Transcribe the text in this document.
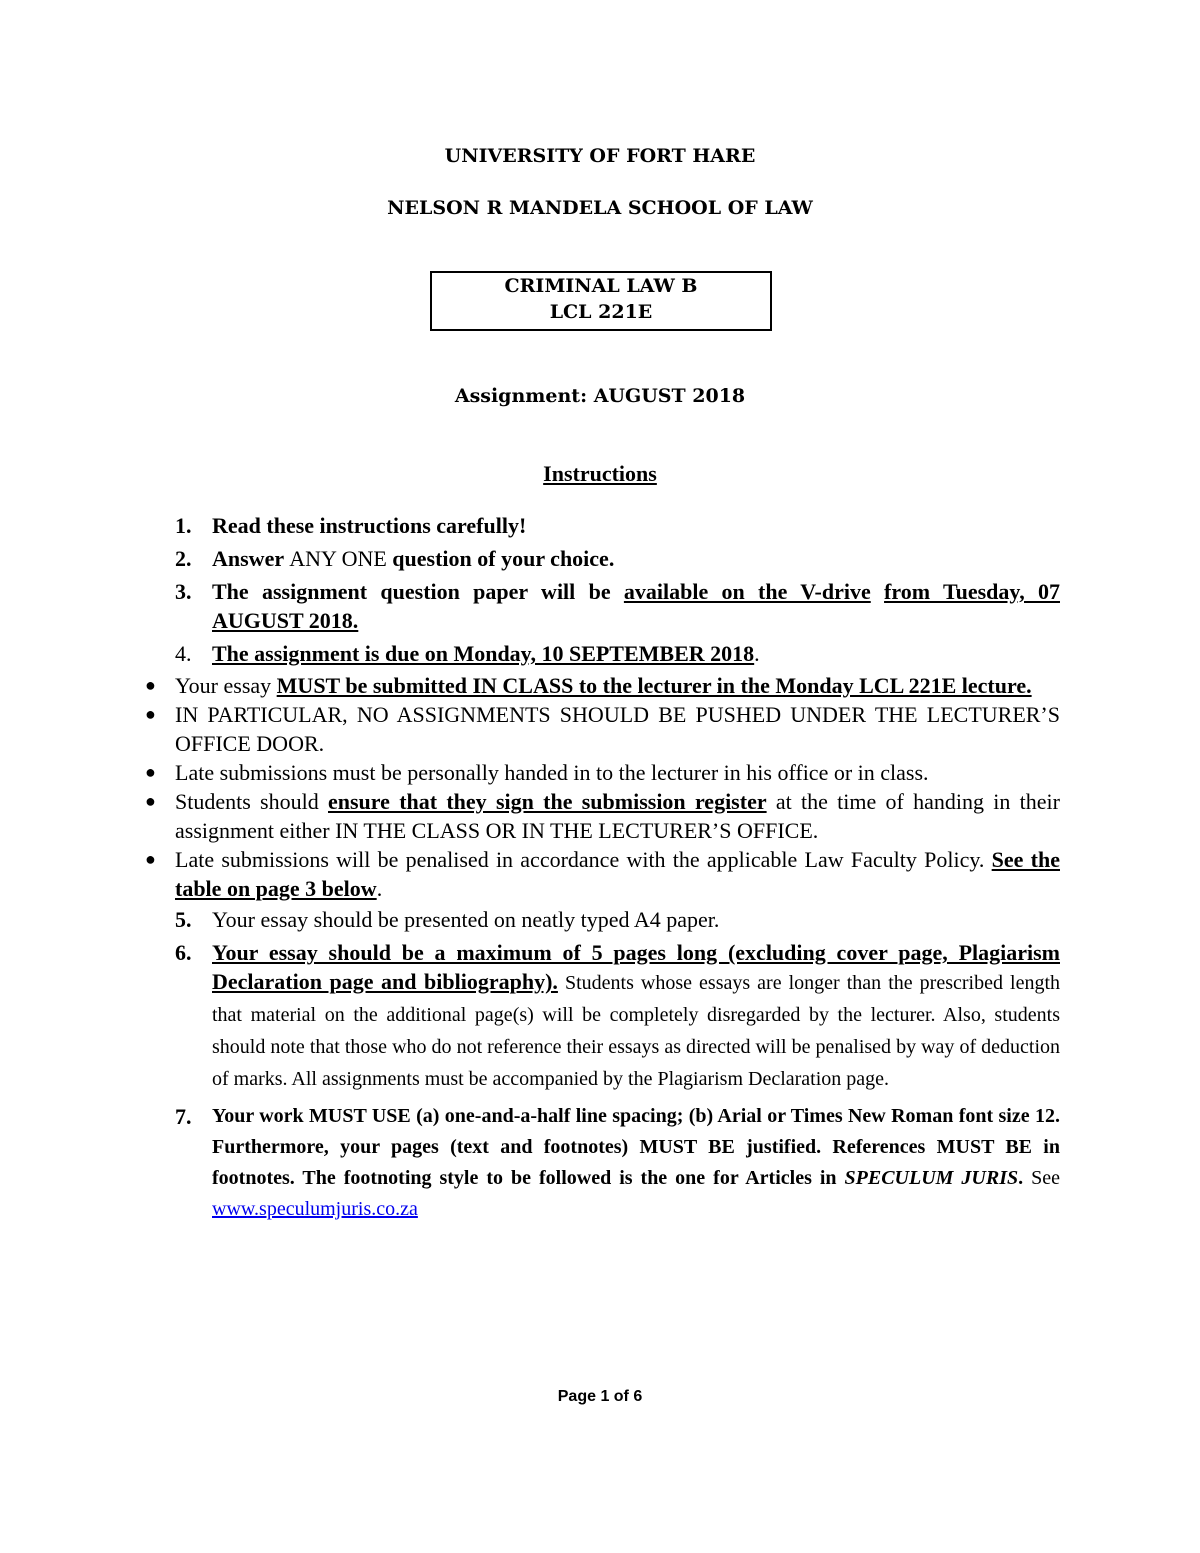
UNIVERSITY OF FORT HARE
NELSON R MANDELA SCHOOL OF LAW
CRIMINAL LAW B
LCL 221E
Assignment: AUGUST 2018
Instructions

1. Read these instructions carefully!

2. Answer ANY ONE question of your choice.

3. The assignment question paper will be available on the V-drive from Tuesday, 07 AUGUST 2018.

4. The assignment is due on Monday, 10 SEPTEMBER 2018.

● Your essay MUST be submitted IN CLASS to the lecturer in the Monday LCL 221E lecture.

● IN PARTICULAR, NO ASSIGNMENTS SHOULD BE PUSHED UNDER THE LECTURER’S OFFICE DOOR.

● Late submissions must be personally handed in to the lecturer in his office or in class.

● Students should ensure that they sign the submission register at the time of handing in their assignment either IN THE CLASS OR IN THE LECTURER’S OFFICE.

● Late submissions will be penalised in accordance with the applicable Law Faculty Policy. See the table on page 3 below.

5. Your essay should be presented on neatly typed A4 paper.

6. Your essay should be a maximum of 5 pages long (excluding cover page, Plagiarism Declaration page and bibliography). Students whose essays are longer than the prescribed length that material on the additional page(s) will be completely disregarded by the lecturer. Also, students should note that those who do not reference their essays as directed will be penalised by way of deduction of marks. All assignments must be accompanied by the Plagiarism Declaration page.

7. Your work MUST USE (a) one-and-a-half line spacing; (b) Arial or Times New Roman font size 12. Furthermore, your pages (text and footnotes) MUST BE justified. References MUST BE in footnotes. The footnoting style to be followed is the one for Articles in SPECULUM JURIS. See www.speculumjuris.co.za

Page 1 of 6
